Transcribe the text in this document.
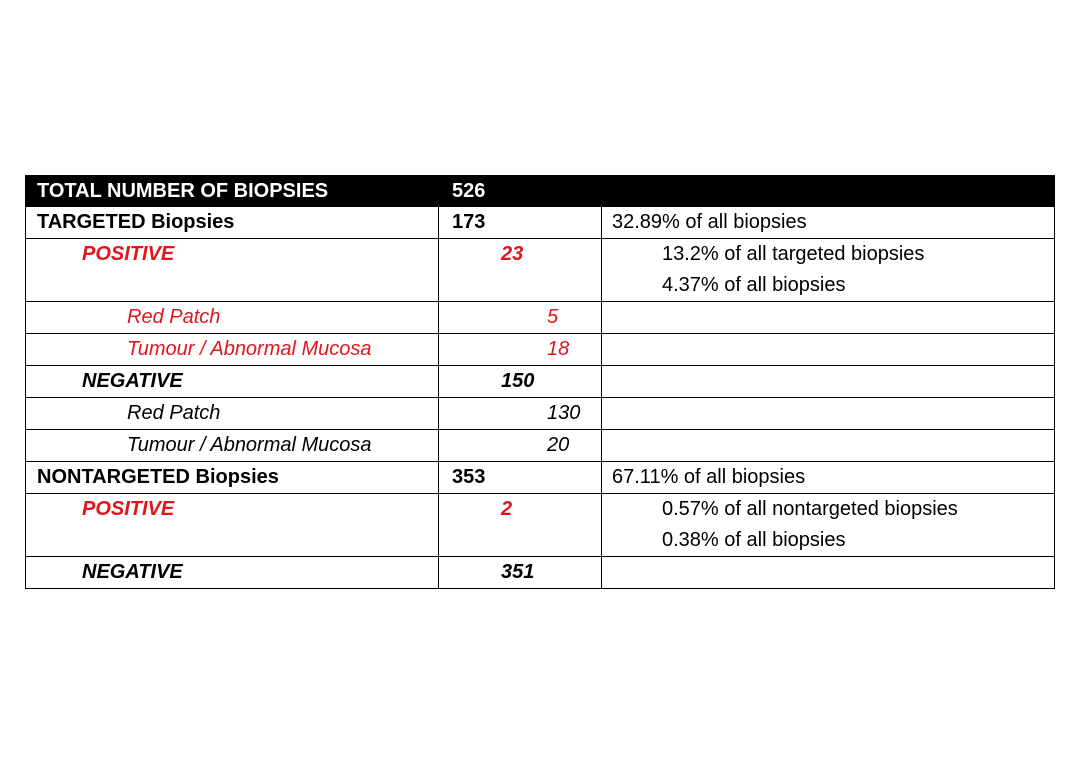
TOTAL NUMBER OF BIOPSIES	526	
TARGETED Biopsies	173	32.89% of all biopsies
POSITIVE	23	13.2% of all targeted biopsies
4.37% of all biopsies

Red Patch	5	
Tumour / Abnormal Mucosa	18	
NEGATIVE	150	
Red Patch	130	
Tumour / Abnormal Mucosa	20	
NONTARGETED Biopsies	353	67.11% of all biopsies
POSITIVE	2	0.57% of all nontargeted biopsies
0.38% of all biopsies

NEGATIVE	351	
